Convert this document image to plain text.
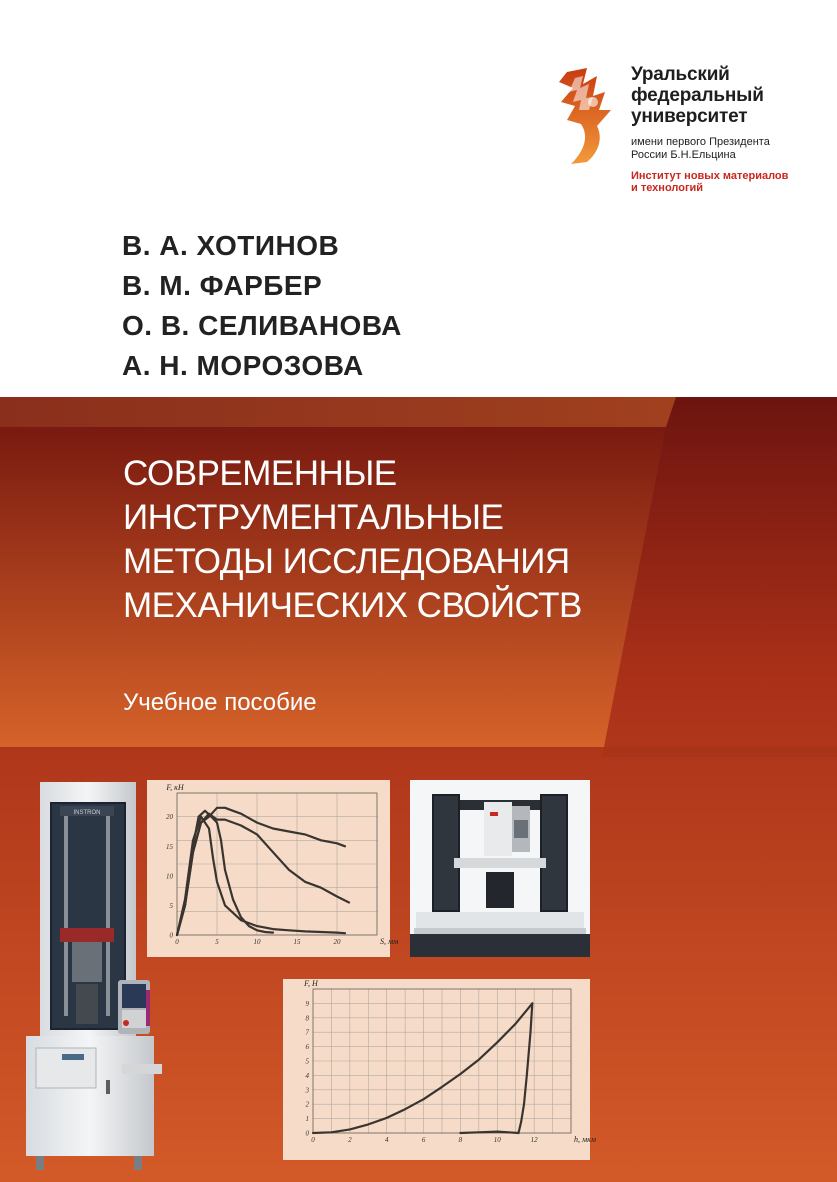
Уральский
федеральный
университет

имени первого Президента
России Б.Н.Ельцина

Институт новых материалов
и технологий

В. А. ХОТИНОВ
В. М. ФАРБЕР
О. В. СЕЛИВАНОВА
А. Н. МОРОЗОВА

СОВРЕМЕННЫЕ
ИНСТРУМЕНТАЛЬНЫЕ
МЕТОДЫ ИССЛЕДОВАНИЯ
МЕХАНИЧЕСКИХ СВОЙСТВ

Учебное пособие

INSTRON
0	5	10	15	20
0
5
10
15
20
F, кН
S, мм
0	2	4	6	8	10	12
0
1
2
3
4
5
6
7
8
9
F, Н
h, мкм
